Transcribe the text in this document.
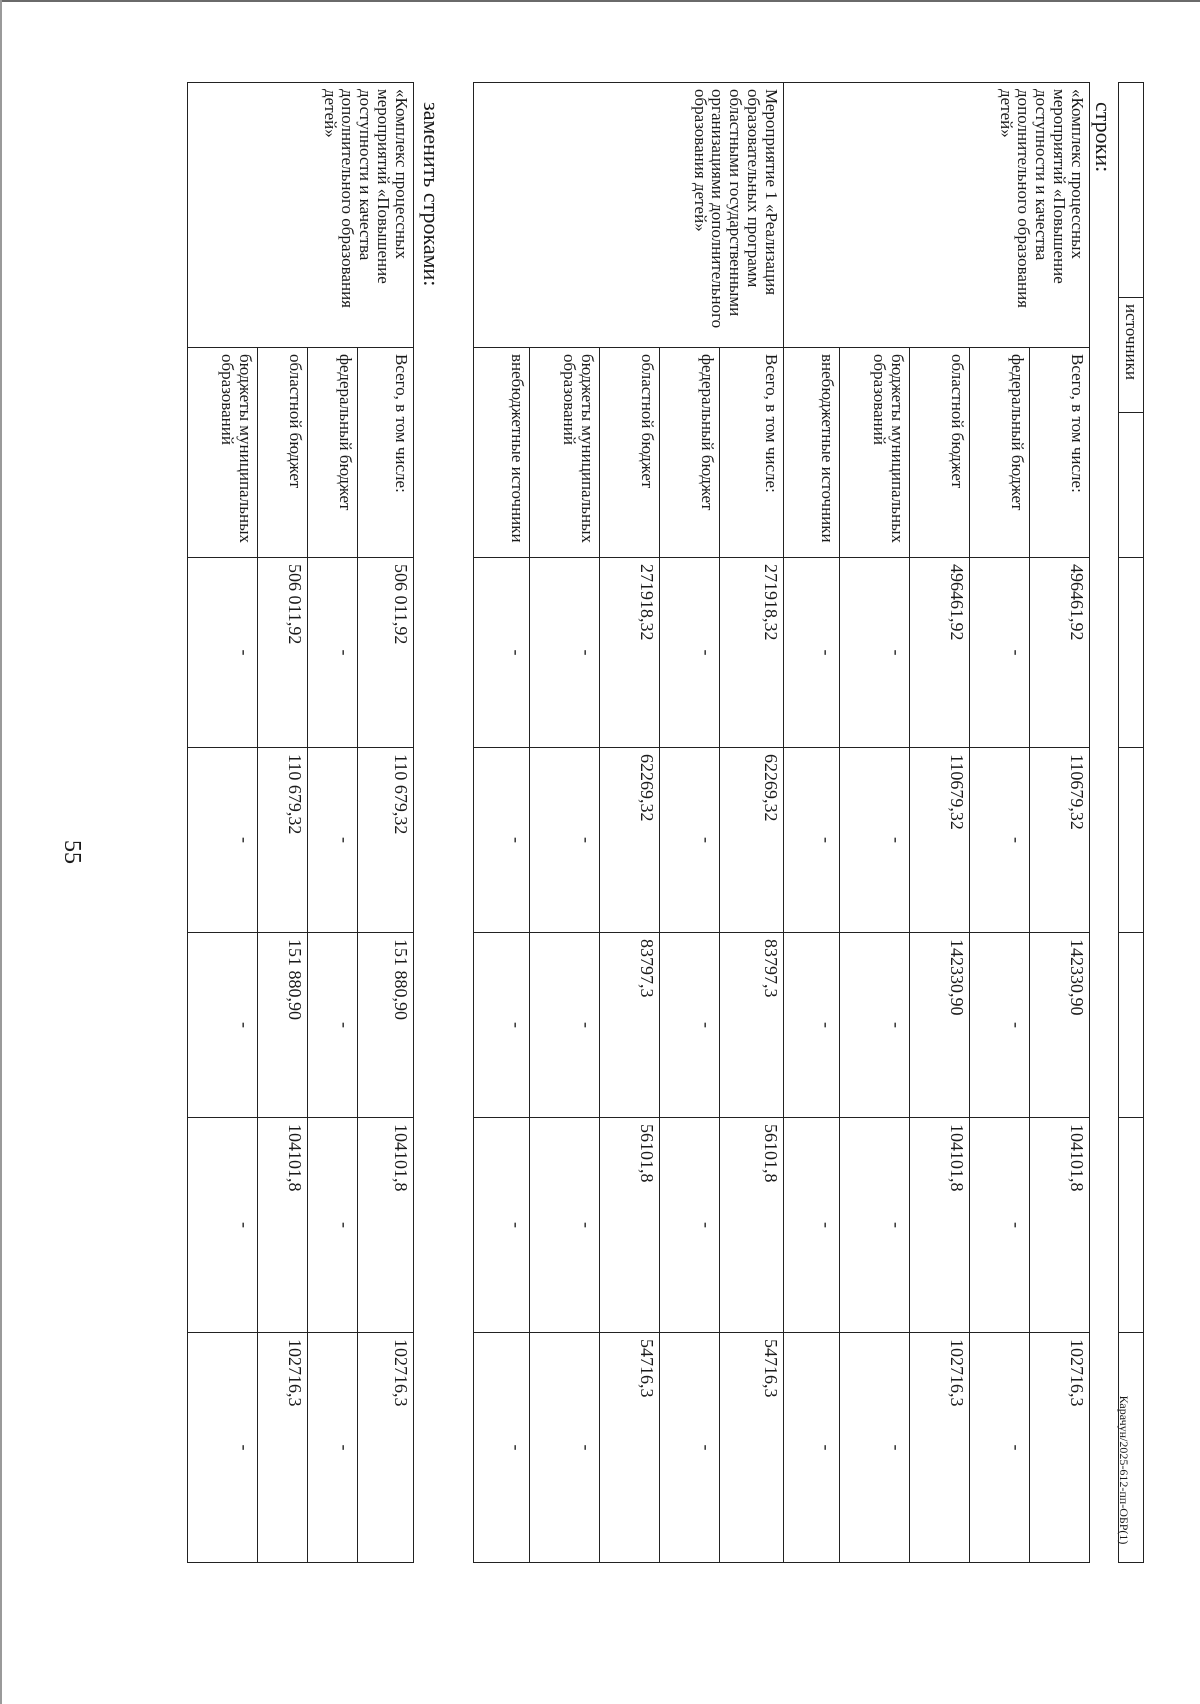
55
Карачун/2025-612-пп-ОБР(1)
	источники						
строки:
«Комплекс процессных мероприятий «Повышение доступности и качества дополнительного образования детей»	Всего, в том числе:	496461,92	110679,32	142330,90	104101,8	102716,3	
	федеральный бюджет	-	-	-	-	-	
	областной бюджет	496461,92	110679,32	142330,90	104101,8	102716,3	
	бюджеты муниципальных образований	-	-	-	-	-	
	внебюджетные источники	-	-	-	-	-	
Мероприятие 1 «Реализация образовательных программ областными государственными организациями дополнительного образования детей»	Всего, в том числе:	271918,32	62269,32	83797,3	56101,8	54716,3	
	федеральный бюджет	-	-	-	-	-	
	областной бюджет	271918,32	62269,32	83797,3	56101,8	54716,3	
	бюджеты муниципальных образований	-	-	-	-	-	
	внебюджетные источники	-	-	-	-	-	
заменить строками:
«Комплекс процессных мероприятий «Повышение доступности и качества дополнительного образования детей»	Всего, в том числе:	506 011,92	110 679,32	151 880,90	104101,8	102716,3	
	федеральный бюджет	-	-	-	-	-	
	областной бюджет	506 011,92	110 679,32	151 880,90	104101,8	102716,3	
	бюджеты муниципальных образований	-	-	-	-	-	
